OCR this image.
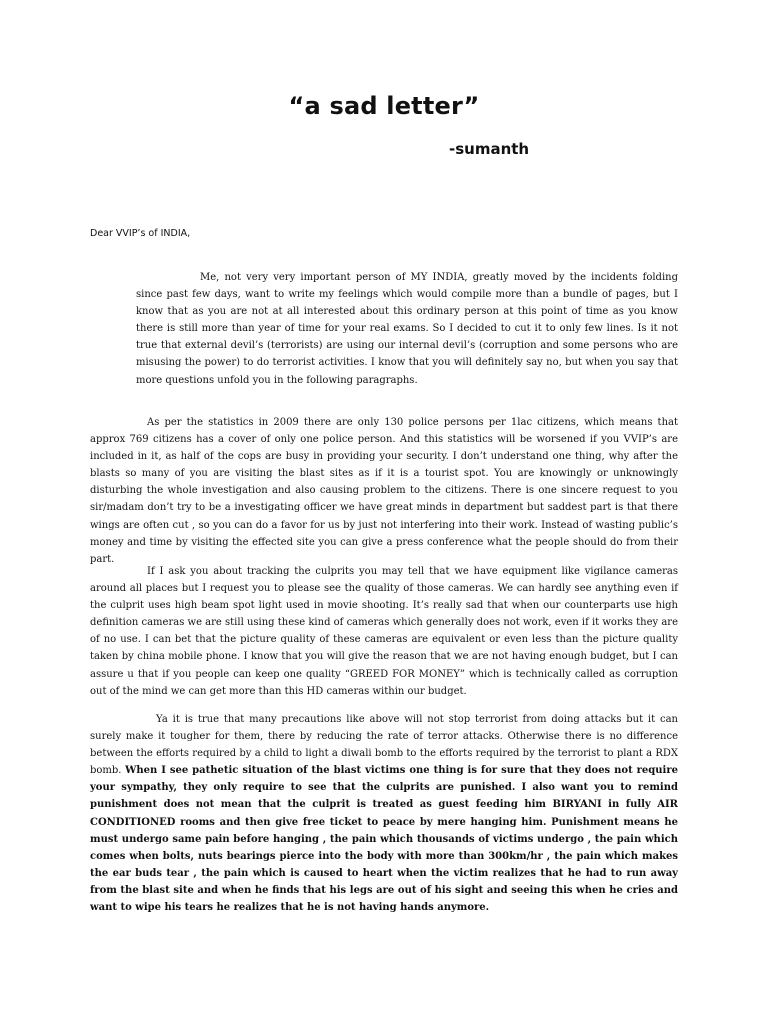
“a sad letter”
-sumanth
Dear VVIP’s of INDIA,

Me, not very very important person of MY INDIA, greatly moved by the incidents folding since past few days, want to write my feelings which would compile more than a bundle of pages, but I know that as you are not at all interested about this ordinary person at this point of time as you know there is still more than year of time for your real exams. So I decided to cut it to only few lines. Is it not true that external devil’s (terrorists) are using our internal devil’s (corruption and some persons who are misusing the power) to do terrorist activities. I know that you will definitely say no, but when you say that more questions unfold you in the following paragraphs.

As per the statistics in 2009 there are only 130 police persons per 1lac citizens, which means that approx 769 citizens has a cover of only one police person. And this statistics will be worsened if you VVIP’s are included in it, as half of the cops are busy in providing your security. I don’t understand one thing, why after the blasts so many of you are visiting the blast sites as if it is a tourist spot. You are knowingly or unknowingly disturbing the whole investigation and also causing problem to the citizens. There is one sincere request to you sir/madam don’t try to be a investigating officer we have great minds in department but saddest part is that there wings are often cut , so you can do a favor for us by just not interfering into their work. Instead of wasting public’s money and time by visiting the effected site you can give a press conference what the people should do from their part.

If I ask you about tracking the culprits you may tell that we have equipment like vigilance cameras around all places but I request you to please see the quality of those cameras. We can hardly see anything even if the culprit uses high beam spot light used in movie shooting. It’s really sad that when our counterparts use high definition cameras we are still using these kind of cameras which generally does not work, even if it works they are of no use. I can bet that the picture quality of these cameras are equivalent or even less than the picture quality taken by china mobile phone. I know that you will give the reason that we are not having enough budget, but I can assure u that if you people can keep one quality “GREED FOR MONEY” which is technically called as corruption out of the mind we can get more than this HD cameras within our budget.

Ya it is true that many precautions like above will not stop terrorist from doing attacks but it can surely make it tougher for them, there by reducing the rate of terror attacks. Otherwise there is no difference between the efforts required by a child to light a diwali bomb to the efforts required by the terrorist to plant a RDX bomb. When I see pathetic situation of the blast victims one thing is for sure that they does not require your sympathy, they only require to see that the culprits are punished. I also want you to remind punishment does not mean that the culprit is treated as guest feeding him BIRYANI in fully AIR CONDITIONED rooms and then give free ticket to peace by mere hanging him. Punishment means he must undergo same pain before hanging , the pain which thousands of victims undergo , the pain which comes when bolts, nuts bearings pierce into the body with more than 300km/hr , the pain which makes the ear buds tear , the pain which is caused to heart when the victim realizes that he had to run away from the blast site and when he finds that his legs are out of his sight and seeing this when he cries and want to wipe his tears he realizes that he is not having hands anymore.
